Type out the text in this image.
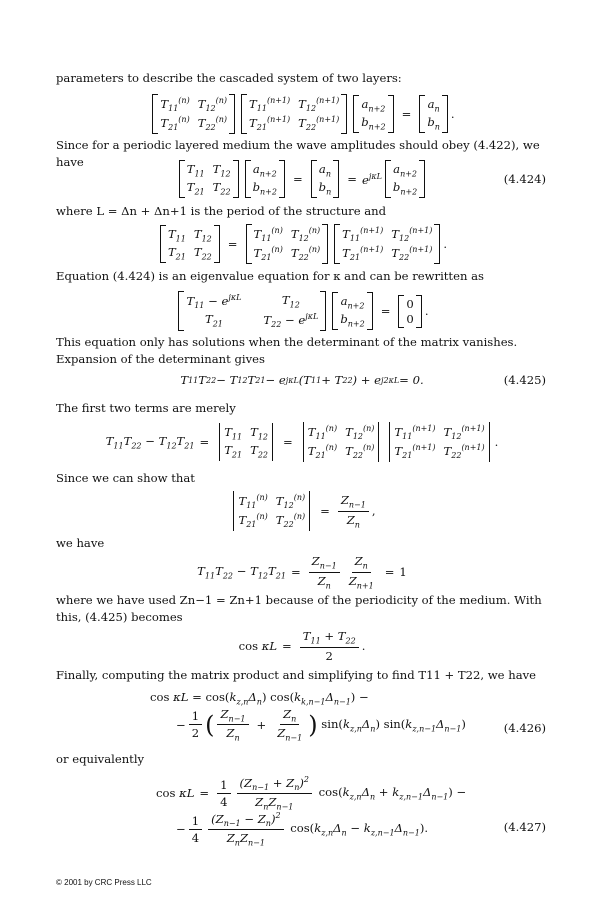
parameters to describe the cascaded system of two layers:
$T_{11}^{(n)}$ $T_{12}^{(n)}$
$T_{21}^{(n)}$ $T_{22}^{(n)}$
$T_{11}^{(n+1)}$ $T_{12}^{(n+1)}$
$T_{21}^{(n+1)}$ $T_{22}^{(n+1)}$
$a_{n+2}$
$b_{n+2}$
=
$a_n$
$b_n$
.
Since for a periodic layered medium the wave amplitudes should obey (4.422), we have
$T_{11}$ $T_{12}$
$T_{21}$ $T_{22}$
$a_{n+2}$
$b_{n+2}$
=
$a_n$
$b_n$
= $e^{j\kappa L}$ $a_{n+2}$
$b_{n+2}$
(4.424)
where L = Δn + Δn+1 is the period of the structure and
$T_{11}$ $T_{12}$
$T_{21}$ $T_{22}$
=
$T_{11}^{(n)}$ $T_{12}^{(n)}$
$T_{21}^{(n)}$ $T_{22}^{(n)}$
$T_{11}^{(n+1)}$ $T_{12}^{(n+1)}$
$T_{21}^{(n+1)}$ $T_{22}^{(n+1)}$ .
Equation (4.424) is an eigenvalue equation for κ and can be rewritten as
$T_{11} - e^{j\kappa L}$	$T_{12}$
$T_{21}$	$T_{22} - e^{j\kappa L}$
$a_{n+2}$
$b_{n+2}$
=
0
0
.
This equation only has solutions when the determinant of the matrix vanishes. Expansion of the determinant gives
T 11 T 22 − T 12 T 21 − e jκL (T 11 + T 22 ) + e j2κL = 0.	(4.425)
The first two terms are merely
$T_{11}T_{22} - T_{12}T_{21}$ =
$T_{11}$ $T_{12}$
$T_{21}$ $T_{22}$
=
$T_{11}^{(n)}$ $T_{12}^{(n)}$
$T_{21}^{(n)}$ $T_{22}^{(n)}$
$T_{11}^{(n+1)}$ $T_{12}^{(n+1)}$
$T_{21}^{(n+1)}$ $T_{22}^{(n+1)}$ .
Since we can show that
$T_{11}^{(n)}$ $T_{12}^{(n)}$
$T_{21}^{(n)}$ $T_{22}^{(n)} = \frac{Z_{n-1}}{Z_n}$ ,
we have
$T_{11}T_{22} - T_{12}T_{21} = \frac{Z_{n-1}}{Z_n} \frac{Z_n}{Z_{n+1}} = 1$
where we have used Zn−1 = Zn+1 because of the periodicity of the medium. With this, (4.425) becomes
$\cos \kappa L = \frac{T_{11} + T_{22}}{2}$ .
Finally, computing the matrix product and simplifying to find T11 + T22, we have
$\cos \kappa L = \cos(k_{z,n}\Delta_n) \cos(k_{k,n-1}\Delta_{n-1})$ −
− $\frac{1}{2}$ ( $\frac{Z_{n-1}}{Z_n} + \frac{Z_n}{Z_{n-1}}$ ) $\sin(k_{z,n}\Delta_n)$ $\sin(k_{z,n-1}\Delta_{n-1})$	(4.426)
or equivalently
$\cos \kappa L = \frac{1}{4} \frac{(Z_{n-1} + Z_n)^2}{Z_nZ_{n-1}} \cos(k_{z,n}\Delta_n + k_{z,n-1}\Delta_{n-1})$ −
− $\frac{1}{4} \frac{(Z_{n-1} - Z_n)^2}{Z_nZ_{n-1}} \cos(k_{z,n}\Delta_n - k_{z,n-1}\Delta_{n-1})$.	(4.427)
© 2001 by CRC Press LLC
